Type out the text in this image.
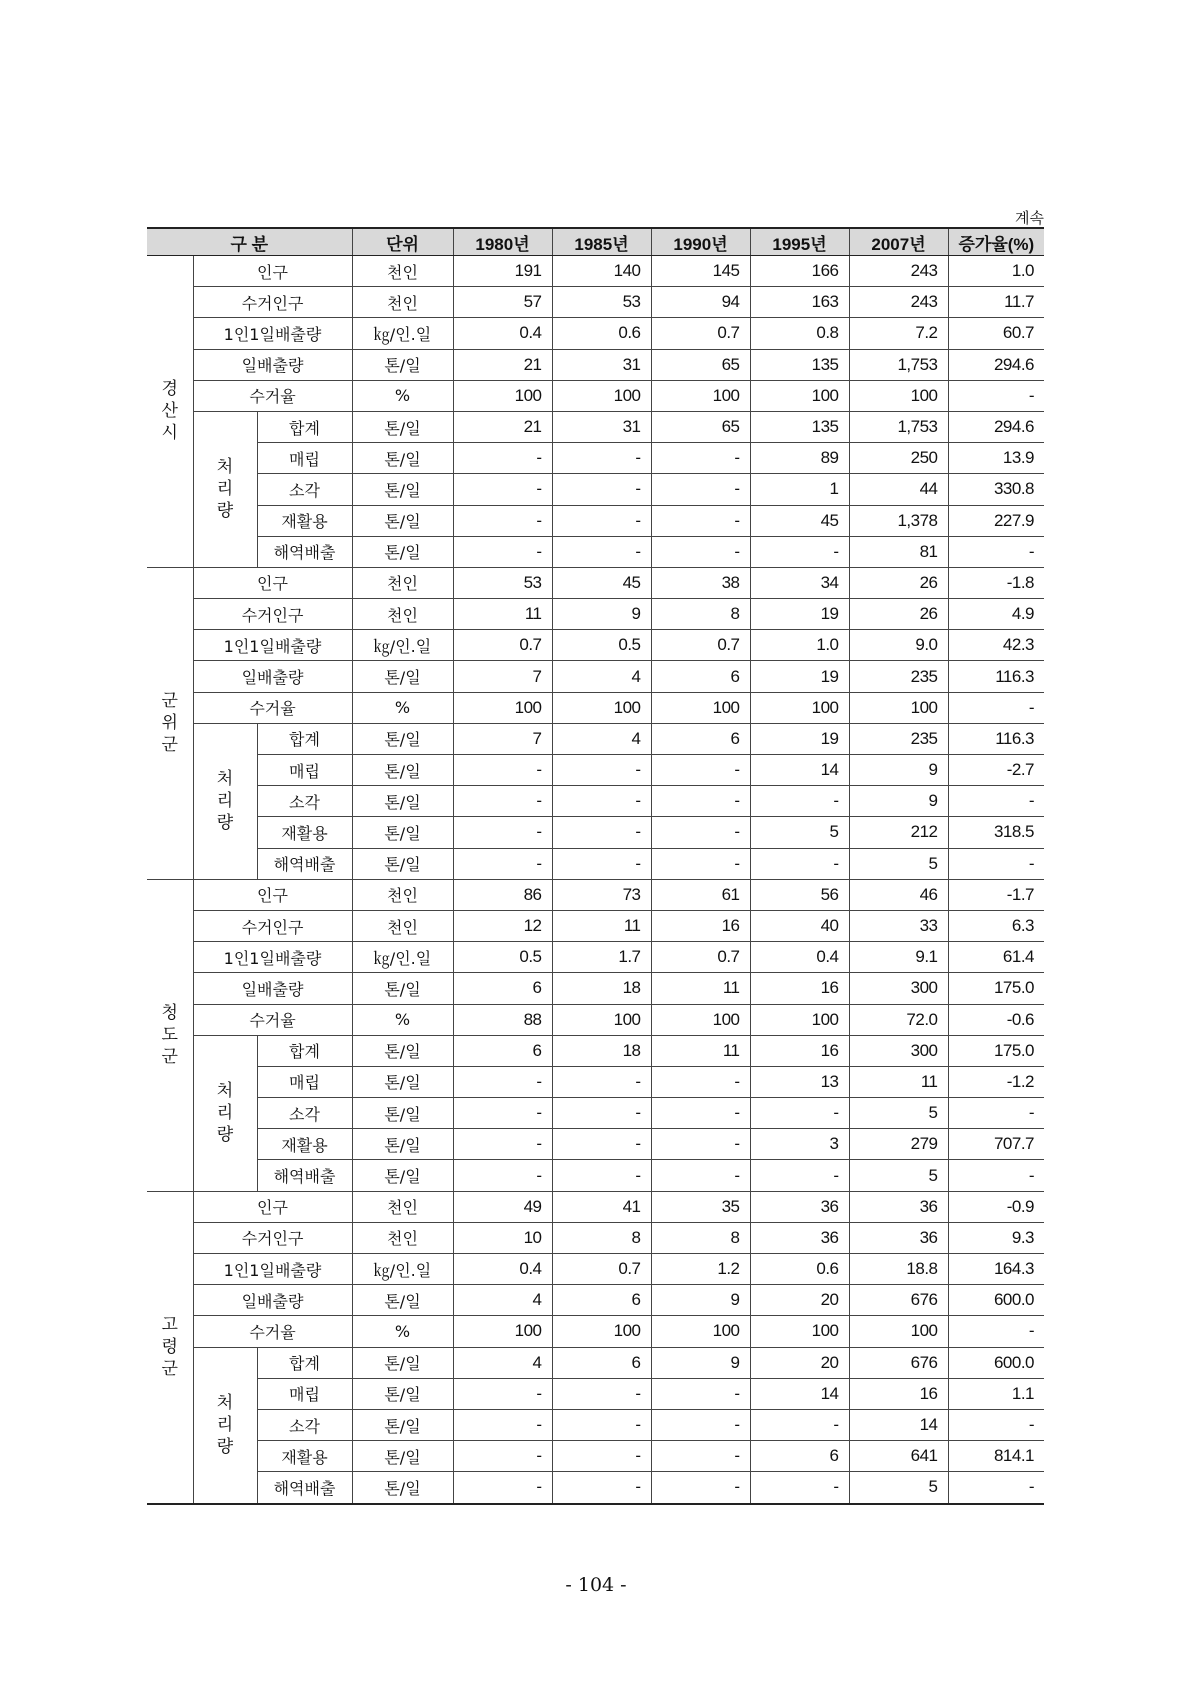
계속
구 분			단위	1980년	1985년	1990년	1995년	2007년	증가율(%)

경산시	인구		천인	191	140	145	166	243	1.0
	수거인구		천인	57	53	94	163	243	11.7
	1인1일배출량		㎏/인.일	0.4	0.6	0.7	0.8	7.2	60.7
	일배출량		톤/일	21	31	65	135	1,753	294.6
	수거율		%	100	100	100	100	100	-

	처리량	합계	톤/일	21	31	65	135	1,753	294.6
		매립	톤/일	-	-	-	89	250	13.9
		소각	톤/일	-	-	-	1	44	330.8
		재활용	톤/일	-	-	-	45	1,378	227.9
		해역배출	톤/일	-	-	-	-	81	-

군위군	인구		천인	53	45	38	34	26	-1.8
	수거인구		천인	11	9	8	19	26	4.9
	1인1일배출량		㎏/인.일	0.7	0.5	0.7	1.0	9.0	42.3
	일배출량		톤/일	7	4	6	19	235	116.3
	수거율		%	100	100	100	100	100	-

	처리량	합계	톤/일	7	4	6	19	235	116.3
		매립	톤/일	-	-	-	14	9	-2.7
		소각	톤/일	-	-	-	-	9	-
		재활용	톤/일	-	-	-	5	212	318.5
		해역배출	톤/일	-	-	-	-	5	-

청도군	인구		천인	86	73	61	56	46	-1.7
	수거인구		천인	12	11	16	40	33	6.3
	1인1일배출량		㎏/인.일	0.5	1.7	0.7	0.4	9.1	61.4
	일배출량		톤/일	6	18	11	16	300	175.0
	수거율		%	88	100	100	100	72.0	-0.6

	처리량	합계	톤/일	6	18	11	16	300	175.0
		매립	톤/일	-	-	-	13	11	-1.2
		소각	톤/일	-	-	-	-	5	-
		재활용	톤/일	-	-	-	3	279	707.7
		해역배출	톤/일	-	-	-	-	5	-

고령군	인구		천인	49	41	35	36	36	-0.9
	수거인구		천인	10	8	8	36	36	9.3
	1인1일배출량		㎏/인.일	0.4	0.7	1.2	0.6	18.8	164.3
	일배출량		톤/일	4	6	9	20	676	600.0
	수거율		%	100	100	100	100	100	-

	처리량	합계	톤/일	4	6	9	20	676	600.0
		매립	톤/일	-	-	-	14	16	1.1
		소각	톤/일	-	-	-	-	14	-
		재활용	톤/일	-	-	-	6	641	814.1
		해역배출	톤/일	-	-	-	-	5	-
- 104 -
